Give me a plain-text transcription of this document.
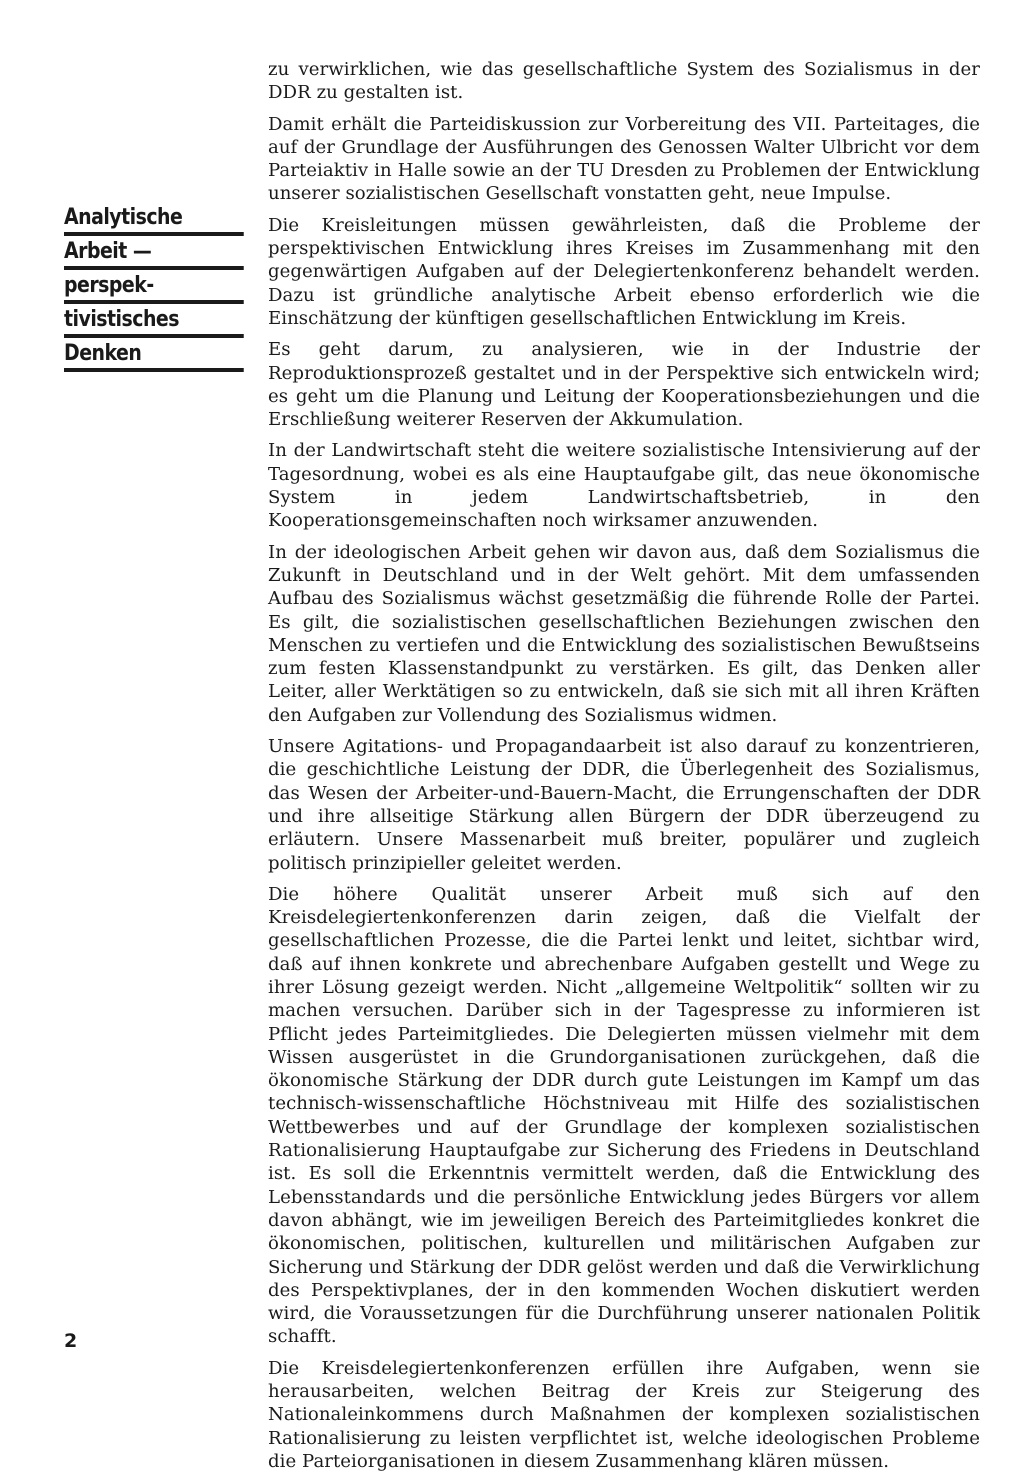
Analytische
Arbeit —
perspek-
tivistisches
Denken

zu verwirklichen, wie das gesellschaftliche System des Sozialismus in der DDR zu gestalten ist.

Damit erhält die Parteidiskussion zur Vorbereitung des VII. Parteitages, die auf der Grundlage der Ausführungen des Genossen Walter Ulbricht vor dem Parteiaktiv in Halle sowie an der TU Dresden zu Problemen der Entwicklung unserer sozialistischen Gesellschaft vonstatten geht, neue Impulse.

Die Kreisleitungen müssen gewährleisten, daß die Probleme der perspektivischen Entwicklung ihres Kreises im Zusammenhang mit den gegenwärtigen Aufgaben auf der Delegiertenkonferenz behandelt werden. Dazu ist gründliche analytische Arbeit ebenso erforderlich wie die Einschätzung der künftigen gesellschaftlichen Entwicklung im Kreis.

Es geht darum, zu analysieren, wie in der Industrie der Reproduktionsprozeß gestaltet und in der Perspektive sich entwickeln wird; es geht um die Planung und Leitung der Kooperationsbeziehungen und die Erschließung weiterer Reserven der Akkumulation.

In der Landwirtschaft steht die weitere sozialistische Intensivierung auf der Tagesordnung, wobei es als eine Hauptaufgabe gilt, das neue ökonomische System in jedem Landwirtschaftsbetrieb, in den Kooperationsgemeinschaften noch wirksamer anzuwenden.

In der ideologischen Arbeit gehen wir davon aus, daß dem Sozialismus die Zukunft in Deutschland und in der Welt gehört. Mit dem umfassenden Aufbau des Sozialismus wächst gesetzmäßig die führende Rolle der Partei. Es gilt, die sozialistischen gesellschaftlichen Beziehungen zwischen den Menschen zu vertiefen und die Entwicklung des sozialistischen Bewußtseins zum festen Klassenstandpunkt zu verstärken. Es gilt, das Denken aller Leiter, aller Werktätigen so zu entwickeln, daß sie sich mit all ihren Kräften den Aufgaben zur Vollendung des Sozialismus widmen.

Unsere Agitations- und Propagandaarbeit ist also darauf zu konzentrieren, die geschichtliche Leistung der DDR, die Überlegenheit des Sozialismus, das Wesen der Arbeiter-und-Bauern-Macht, die Errungenschaften der DDR und ihre allseitige Stärkung allen Bürgern der DDR überzeugend zu erläutern. Unsere Massenarbeit muß breiter, populärer und zugleich politisch prinzipieller geleitet werden.

Die höhere Qualität unserer Arbeit muß sich auf den Kreisdelegiertenkonferenzen darin zeigen, daß die Vielfalt der gesellschaftlichen Prozesse, die die Partei lenkt und leitet, sichtbar wird, daß auf ihnen konkrete und abrechenbare Aufgaben gestellt und Wege zu ihrer Lösung gezeigt werden. Nicht „allgemeine Weltpolitik“ sollten wir zu machen versuchen. Darüber sich in der Tagespresse zu informieren ist Pflicht jedes Parteimitgliedes. Die Delegierten müssen vielmehr mit dem Wissen ausgerüstet in die Grundorganisationen zurückgehen, daß die ökonomische Stärkung der DDR durch gute Leistungen im Kampf um das technisch-wissenschaftliche Höchstniveau mit Hilfe des sozialistischen Wettbewerbes und auf der Grundlage der komplexen sozialistischen Rationalisierung Hauptaufgabe zur Sicherung des Friedens in Deutschland ist. Es soll die Erkenntnis vermittelt werden, daß die Entwicklung des Lebensstandards und die persönliche Entwicklung jedes Bürgers vor allem davon abhängt, wie im jeweiligen Bereich des Parteimitgliedes konkret die ökonomischen, politischen, kulturellen und militärischen Aufgaben zur Sicherung und Stärkung der DDR gelöst werden und daß die Verwirklichung des Perspektivplanes, der in den kommenden Wochen diskutiert werden wird, die Voraussetzungen für die Durchführung unserer nationalen Politik schafft.

Die Kreisdelegiertenkonferenzen erfüllen ihre Aufgaben, wenn sie herausarbeiten, welchen Beitrag der Kreis zur Steigerung des Nationaleinkommens durch Maßnahmen der komplexen sozialistischen Rationalisierung zu leisten verpflichtet ist, welche ideologischen Probleme die Parteiorganisationen in diesem Zusammenhang klären müssen.

2
